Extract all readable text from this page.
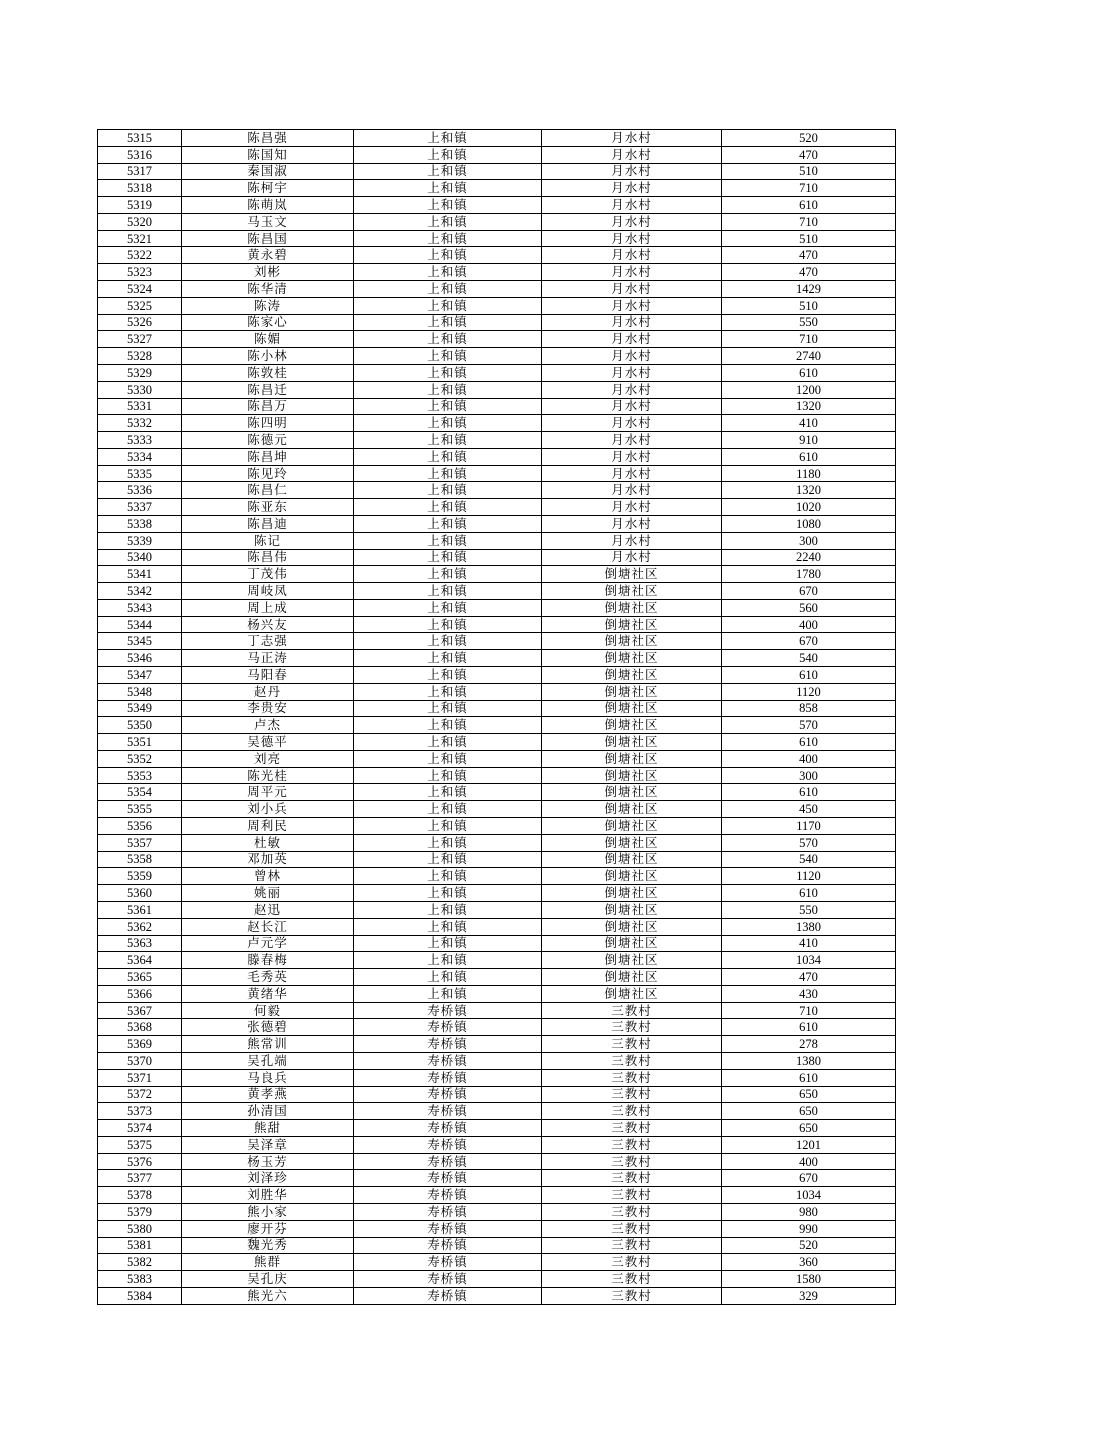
5315	陈昌强	上和镇	月水村	520
5316	陈国知	上和镇	月水村	470
5317	秦国淑	上和镇	月水村	510
5318	陈柯宇	上和镇	月水村	710
5319	陈萌岚	上和镇	月水村	610
5320	马玉文	上和镇	月水村	710
5321	陈昌国	上和镇	月水村	510
5322	黄永碧	上和镇	月水村	470
5323	刘彬	上和镇	月水村	470
5324	陈华清	上和镇	月水村	1429
5325	陈涛	上和镇	月水村	510
5326	陈家心	上和镇	月水村	550
5327	陈媚	上和镇	月水村	710
5328	陈小林	上和镇	月水村	2740
5329	陈敦桂	上和镇	月水村	610
5330	陈昌迁	上和镇	月水村	1200
5331	陈昌万	上和镇	月水村	1320
5332	陈四明	上和镇	月水村	410
5333	陈德元	上和镇	月水村	910
5334	陈昌坤	上和镇	月水村	610
5335	陈见玲	上和镇	月水村	1180
5336	陈昌仁	上和镇	月水村	1320
5337	陈亚东	上和镇	月水村	1020
5338	陈昌迪	上和镇	月水村	1080
5339	陈记	上和镇	月水村	300
5340	陈昌伟	上和镇	月水村	2240
5341	丁茂伟	上和镇	倒塘社区	1780
5342	周岐凤	上和镇	倒塘社区	670
5343	周上成	上和镇	倒塘社区	560
5344	杨兴友	上和镇	倒塘社区	400
5345	丁志强	上和镇	倒塘社区	670
5346	马正涛	上和镇	倒塘社区	540
5347	马阳春	上和镇	倒塘社区	610
5348	赵丹	上和镇	倒塘社区	1120
5349	李贵安	上和镇	倒塘社区	858
5350	卢杰	上和镇	倒塘社区	570
5351	吴德平	上和镇	倒塘社区	610
5352	刘亮	上和镇	倒塘社区	400
5353	陈光桂	上和镇	倒塘社区	300
5354	周平元	上和镇	倒塘社区	610
5355	刘小兵	上和镇	倒塘社区	450
5356	周利民	上和镇	倒塘社区	1170
5357	杜敏	上和镇	倒塘社区	570
5358	邓加英	上和镇	倒塘社区	540
5359	曾林	上和镇	倒塘社区	1120
5360	姚丽	上和镇	倒塘社区	610
5361	赵迅	上和镇	倒塘社区	550
5362	赵长江	上和镇	倒塘社区	1380
5363	卢元学	上和镇	倒塘社区	410
5364	滕春梅	上和镇	倒塘社区	1034
5365	毛秀英	上和镇	倒塘社区	470
5366	黄绪华	上和镇	倒塘社区	430
5367	何毅	寿桥镇	三教村	710
5368	张德碧	寿桥镇	三教村	610
5369	熊常训	寿桥镇	三教村	278
5370	吴孔端	寿桥镇	三教村	1380
5371	马良兵	寿桥镇	三教村	610
5372	黄孝燕	寿桥镇	三教村	650
5373	孙清国	寿桥镇	三教村	650
5374	熊甜	寿桥镇	三教村	650
5375	吴泽章	寿桥镇	三教村	1201
5376	杨玉芳	寿桥镇	三教村	400
5377	刘泽珍	寿桥镇	三教村	670
5378	刘胜华	寿桥镇	三教村	1034
5379	熊小家	寿桥镇	三教村	980
5380	廖开芬	寿桥镇	三教村	990
5381	魏光秀	寿桥镇	三教村	520
5382	熊群	寿桥镇	三教村	360
5383	吴孔庆	寿桥镇	三教村	1580
5384	熊光六	寿桥镇	三教村	329
